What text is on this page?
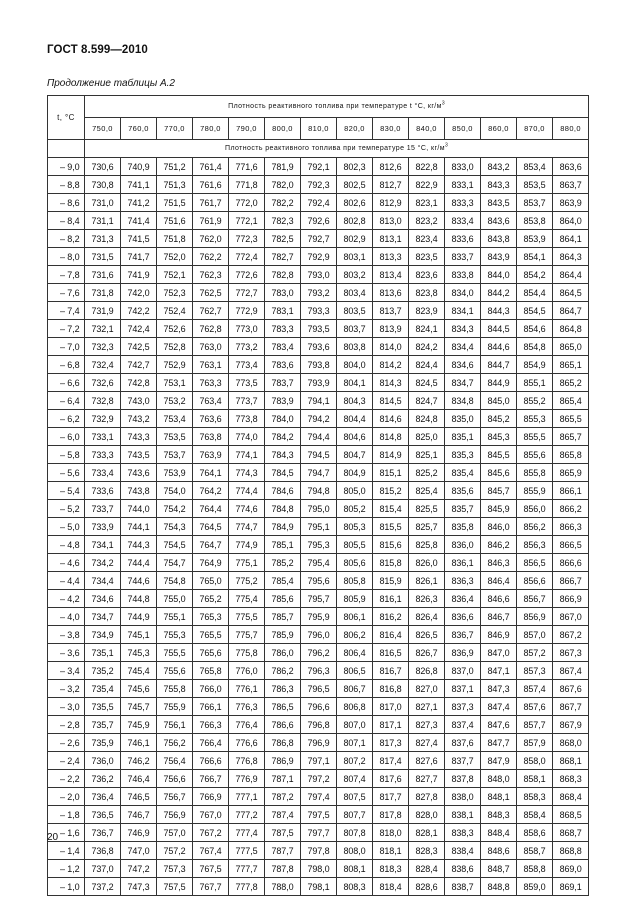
ГОСТ 8.599—2010
Продолжение таблицы А.2
t, °C	Плотность реактивного топлива при температуре t °C, $кг/м^3$
	750,0	760,0	770,0	780,0	790,0	800,0	810,0	820,0	830,0	840,0	850,0	860,0	870,0	880,0
	Плотность реактивного топлива при температуре 15 °C, $кг/м^3$
– 9,0	730,6	740,9	751,2	761,4	771,6	781,9	792,1	802,3	812,6	822,8	833,0	843,2	853,4	863,6
– 8,8	730,8	741,1	751,3	761,6	771,8	782,0	792,3	802,5	812,7	822,9	833,1	843,3	853,5	863,7
– 8,6	731,0	741,2	751,5	761,7	772,0	782,2	792,4	802,6	812,9	823,1	833,3	843,5	853,7	863,9
– 8,4	731,1	741,4	751,6	761,9	772,1	782,3	792,6	802,8	813,0	823,2	833,4	843,6	853,8	864,0
– 8,2	731,3	741,5	751,8	762,0	772,3	782,5	792,7	802,9	813,1	823,4	833,6	843,8	853,9	864,1
– 8,0	731,5	741,7	752,0	762,2	772,4	782,7	792,9	803,1	813,3	823,5	833,7	843,9	854,1	864,3
– 7,8	731,6	741,9	752,1	762,3	772,6	782,8	793,0	803,2	813,4	823,6	833,8	844,0	854,2	864,4
– 7,6	731,8	742,0	752,3	762,5	772,7	783,0	793,2	803,4	813,6	823,8	834,0	844,2	854,4	864,5
– 7,4	731,9	742,2	752,4	762,7	772,9	783,1	793,3	803,5	813,7	823,9	834,1	844,3	854,5	864,7
– 7,2	732,1	742,4	752,6	762,8	773,0	783,3	793,5	803,7	813,9	824,1	834,3	844,5	854,6	864,8
– 7,0	732,3	742,5	752,8	763,0	773,2	783,4	793,6	803,8	814,0	824,2	834,4	844,6	854,8	865,0
– 6,8	732,4	742,7	752,9	763,1	773,4	783,6	793,8	804,0	814,2	824,4	834,6	844,7	854,9	865,1
– 6,6	732,6	742,8	753,1	763,3	773,5	783,7	793,9	804,1	814,3	824,5	834,7	844,9	855,1	865,2
– 6,4	732,8	743,0	753,2	763,4	773,7	783,9	794,1	804,3	814,5	824,7	834,8	845,0	855,2	865,4
– 6,2	732,9	743,2	753,4	763,6	773,8	784,0	794,2	804,4	814,6	824,8	835,0	845,2	855,3	865,5
– 6,0	733,1	743,3	753,5	763,8	774,0	784,2	794,4	804,6	814,8	825,0	835,1	845,3	855,5	865,7
– 5,8	733,3	743,5	753,7	763,9	774,1	784,3	794,5	804,7	814,9	825,1	835,3	845,5	855,6	865,8
– 5,6	733,4	743,6	753,9	764,1	774,3	784,5	794,7	804,9	815,1	825,2	835,4	845,6	855,8	865,9
– 5,4	733,6	743,8	754,0	764,2	774,4	784,6	794,8	805,0	815,2	825,4	835,6	845,7	855,9	866,1
– 5,2	733,7	744,0	754,2	764,4	774,6	784,8	795,0	805,2	815,4	825,5	835,7	845,9	856,0	866,2
– 5,0	733,9	744,1	754,3	764,5	774,7	784,9	795,1	805,3	815,5	825,7	835,8	846,0	856,2	866,3
– 4,8	734,1	744,3	754,5	764,7	774,9	785,1	795,3	805,5	815,6	825,8	836,0	846,2	856,3	866,5
– 4,6	734,2	744,4	754,7	764,9	775,1	785,2	795,4	805,6	815,8	826,0	836,1	846,3	856,5	866,6
– 4,4	734,4	744,6	754,8	765,0	775,2	785,4	795,6	805,8	815,9	826,1	836,3	846,4	856,6	866,7
– 4,2	734,6	744,8	755,0	765,2	775,4	785,6	795,7	805,9	816,1	826,3	836,4	846,6	856,7	866,9
– 4,0	734,7	744,9	755,1	765,3	775,5	785,7	795,9	806,1	816,2	826,4	836,6	846,7	856,9	867,0
– 3,8	734,9	745,1	755,3	765,5	775,7	785,9	796,0	806,2	816,4	826,5	836,7	846,9	857,0	867,2
– 3,6	735,1	745,3	755,5	765,6	775,8	786,0	796,2	806,4	816,5	826,7	836,9	847,0	857,2	867,3
– 3,4	735,2	745,4	755,6	765,8	776,0	786,2	796,3	806,5	816,7	826,8	837,0	847,1	857,3	867,4
– 3,2	735,4	745,6	755,8	766,0	776,1	786,3	796,5	806,7	816,8	827,0	837,1	847,3	857,4	867,6
– 3,0	735,5	745,7	755,9	766,1	776,3	786,5	796,6	806,8	817,0	827,1	837,3	847,4	857,6	867,7
– 2,8	735,7	745,9	756,1	766,3	776,4	786,6	796,8	807,0	817,1	827,3	837,4	847,6	857,7	867,9
– 2,6	735,9	746,1	756,2	766,4	776,6	786,8	796,9	807,1	817,3	827,4	837,6	847,7	857,9	868,0
– 2,4	736,0	746,2	756,4	766,6	776,8	786,9	797,1	807,2	817,4	827,6	837,7	847,9	858,0	868,1
– 2,2	736,2	746,4	756,6	766,7	776,9	787,1	797,2	807,4	817,6	827,7	837,8	848,0	858,1	868,3
– 2,0	736,4	746,5	756,7	766,9	777,1	787,2	797,4	807,5	817,7	827,8	838,0	848,1	858,3	868,4
– 1,8	736,5	746,7	756,9	767,0	777,2	787,4	797,5	807,7	817,8	828,0	838,1	848,3	858,4	868,5
– 1,6	736,7	746,9	757,0	767,2	777,4	787,5	797,7	807,8	818,0	828,1	838,3	848,4	858,6	868,7
– 1,4	736,8	747,0	757,2	767,4	777,5	787,7	797,8	808,0	818,1	828,3	838,4	848,6	858,7	868,8
– 1,2	737,0	747,2	757,3	767,5	777,7	787,8	798,0	808,1	818,3	828,4	838,6	848,7	858,8	869,0
– 1,0	737,2	747,3	757,5	767,7	777,8	788,0	798,1	808,3	818,4	828,6	838,7	848,8	859,0	869,1
20
